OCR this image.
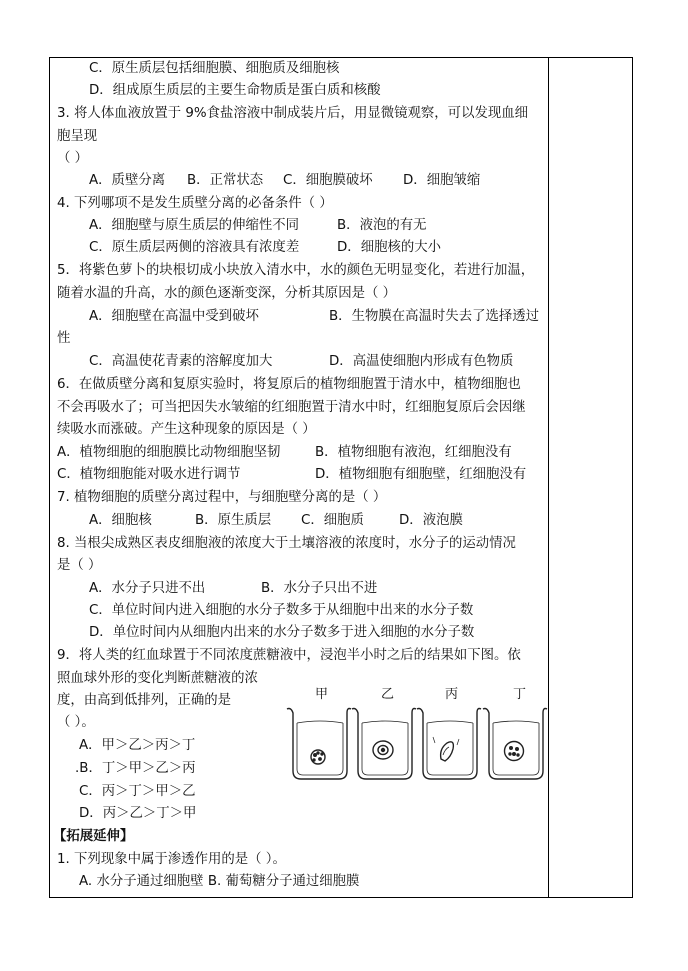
C．原生质层包括细胞膜、细胞质及细胞核
D．组成原生质层的主要生命物质是蛋白质和核酸
3. 将人体血液放置于 9%食盐溶液中制成装片后，用显微镜观察，可以发现血细
胞呈现
（ ）
A．质壁分离 B．正常状态 C．细胞膜破坏 D．细胞皱缩
4. 下列哪项不是发生质壁分离的必备条件（ ）
A．细胞壁与原生质层的伸缩性不同	B．液泡的有无
C．原生质层两侧的溶液具有浓度差	D．细胞核的大小
5．将紫色萝卜的块根切成小块放入清水中，水的颜色无明显变化，若进行加温，
随着水温的升高，水的颜色逐渐变深，分析其原因是（ ）
A．细胞壁在高温中受到破坏	B．生物膜在高温时失去了选择透过
性
C．高温使花青素的溶解度加大	D．高温使细胞内形成有色物质
6．在做质壁分离和复原实验时，将复原后的植物细胞置于清水中，植物细胞也
不会再吸水了；可当把因失水皱缩的红细胞置于清水中时，红细胞复原后会因继
续吸水而涨破。产生这种现象的原因是（ ）
A．植物细胞的细胞膜比动物细胞坚韧	B．植物细胞有液泡，红细胞没有
C．植物细胞能对吸水进行调节	D．植物细胞有细胞壁，红细胞没有
7. 植物细胞的质壁分离过程中，与细胞壁分离的是（ ）
A．细胞核	B．原生质层 C．细胞质	D．液泡膜
8. 当根尖成熟区表皮细胞液的浓度大于土壤溶液的浓度时，水分子的运动情况
是（ ）
A．水分子只进不出	B．水分子只出不进
C．单位时间内进入细胞的水分子数多于从细胞中出来的水分子数
D．单位时间内从细胞内出来的水分子数多于进入细胞的水分子数
9．将人类的红血球置于不同浓度蔗糖液中，浸泡半小时之后的结果如下图。依
照血球外形的变化判断蔗糖液的浓
度，由高到低排列，正确的是
（ ）。
A．甲＞乙＞丙＞丁
.B．丁＞甲＞乙＞丙
C．丙＞丁＞甲＞乙
D．丙＞乙＞丁＞甲
【拓展延伸】
1. 下列现象中属于渗透作用的是（ ）。
A. 水分子通过细胞壁 B. 葡萄糖分子通过细胞膜
甲	乙	丙	丁
